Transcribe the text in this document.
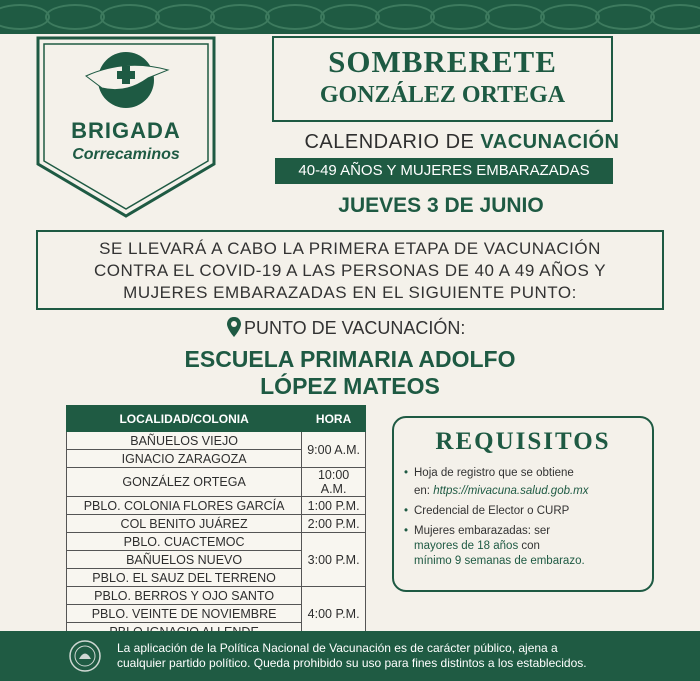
BRIGADA
Correcaminos
SOMBRERETE
GONZÁLEZ ORTEGA
CALENDARIO DE VACUNACIÓN
40-49 AÑOS Y MUJERES EMBARAZADAS
JUEVES 3 DE JUNIO
SE LLEVARÁ A CABO LA PRIMERA ETAPA DE VACUNACIÓN
CONTRA EL COVID-19 A LAS PERSONAS DE 40 A 49 AÑOS Y
MUJERES EMBARAZADAS EN EL SIGUIENTE PUNTO:
PUNTO DE VACUNACIÓN:
ESCUELA PRIMARIA ADOLFO
LÓPEZ MATEOS
LOCALIDAD/COLONIA	HORA
BAÑUELOS VIEJO	9:00 A.M.
IGNACIO ZARAGOZA	
GONZÁLEZ ORTEGA	10:00 A.M.
PBLO. COLONIA FLORES GARCÍA	1:00 P.M.
COL BENITO JUÁREZ	2:00 P.M.
PBLO. CUACTEMOC	3:00 P.M.
BAÑUELOS NUEVO	
PBLO. EL SAUZ DEL TERRENO	
PBLO. BERROS Y OJO SANTO	4:00 P.M.
PBLO. VEINTE DE NOVIEMBRE	

REQUISITOS
• Hoja de registro que se obtiene
en: https://mivacuna.salud.gob.mx
• Credencial de Elector o CURP
• Mujeres embarazadas: ser
mayores de 18 años con
mínimo 9 semanas de embarazo.
La aplicación de la Política Nacional de Vacunación es de carácter público, ajena a
cualquier partido político. Queda prohibido su uso para fines distintos a los establecidos.
